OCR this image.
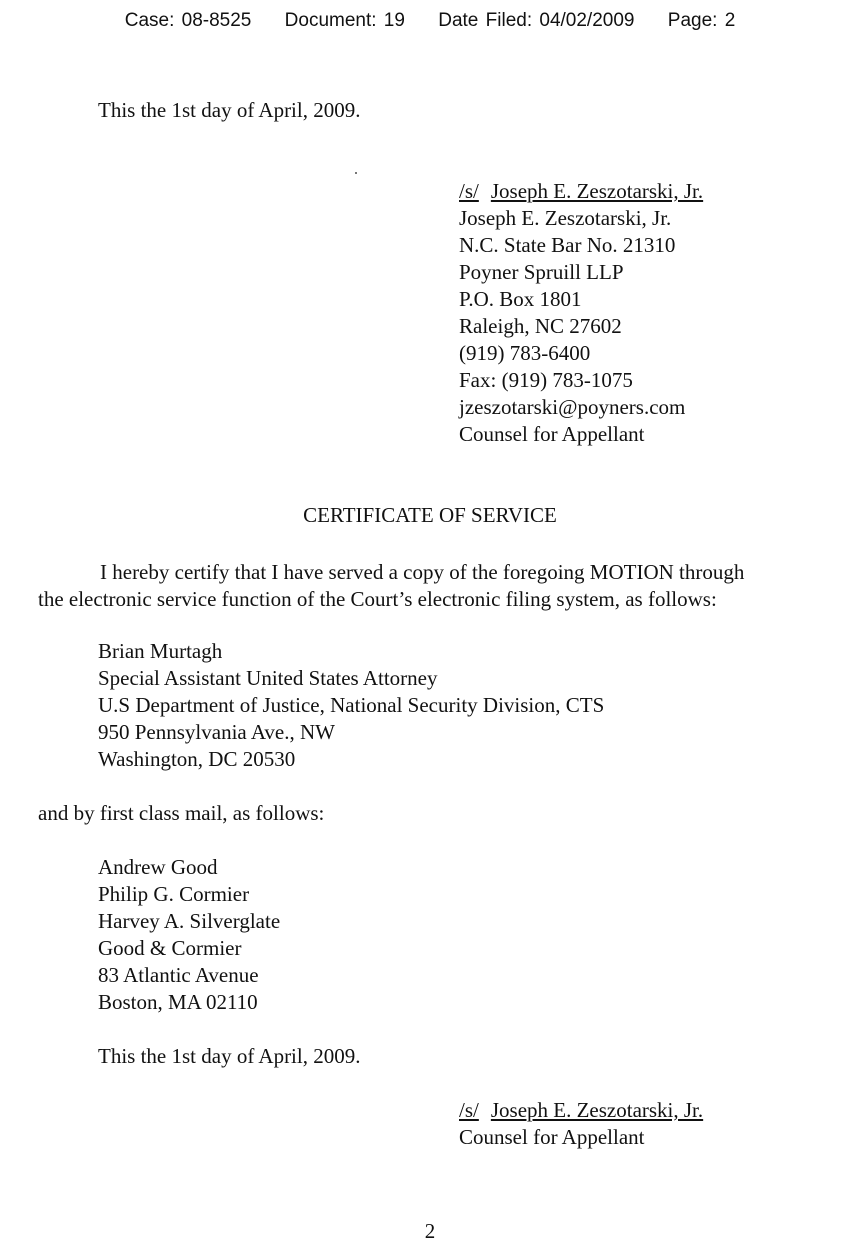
Case: 08-8525 Document: 19 Date Filed: 04/02/2009 Page: 2
This the 1st day of April, 2009.
/s/ Joseph E. Zeszotarski, Jr.
Joseph E. Zeszotarski, Jr.
N.C. State Bar No. 21310
Poyner Spruill LLP
P.O. Box 1801
Raleigh, NC 27602
(919) 783-6400
Fax: (919) 783-1075
jzeszotarski@poyners.com
Counsel for Appellant
CERTIFICATE OF SERVICE
I hereby certify that I have served a copy of the foregoing MOTION through
the electronic service function of the Court’s electronic filing system, as follows:
Brian Murtagh
Special Assistant United States Attorney
U.S Department of Justice, National Security Division, CTS
950 Pennsylvania Ave., NW
Washington, DC 20530
and by first class mail, as follows:
Andrew Good
Philip G. Cormier
Harvey A. Silverglate
Good & Cormier
83 Atlantic Avenue
Boston, MA 02110
This the 1st day of April, 2009.
/s/ Joseph E. Zeszotarski, Jr.
Counsel for Appellant
2
